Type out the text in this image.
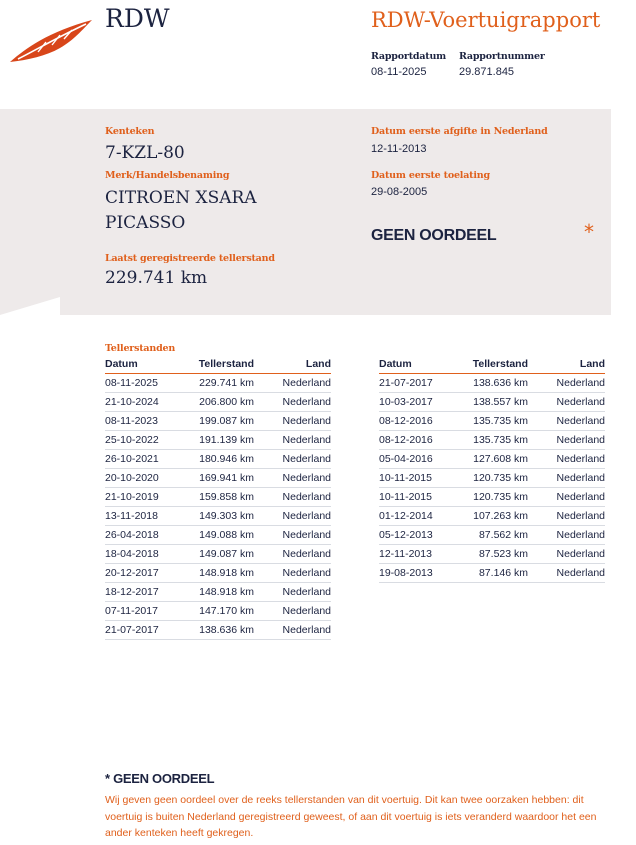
RDW	RDW-Voertuigrapport
Rapportdatum
08-11-2025
Rapportnummer
29.871.845
Kenteken
7-KZL-80
Merk/Handelsbenaming
CITROEN XSARA
PICASSO
Laatst geregistreerde tellerstand
229.741 km
Datum eerste afgifte in Nederland
12-11-2013
Datum eerste toelating
29-08-2005
GEEN OORDEEL	*
Tellerstanden
Datum	Tellerstand	Land
08-11-2025	229.741 km	Nederland
21-10-2024	206.800 km	Nederland
08-11-2023	199.087 km	Nederland
25-10-2022	191.139 km	Nederland
26-10-2021	180.946 km	Nederland
20-10-2020	169.941 km	Nederland
21-10-2019	159.858 km	Nederland
13-11-2018	149.303 km	Nederland
26-04-2018	149.088 km	Nederland
18-04-2018	149.087 km	Nederland
20-12-2017	148.918 km	Nederland
18-12-2017	148.918 km	Nederland
07-11-2017	147.170 km	Nederland
21-07-2017	138.636 km	Nederland
Datum	Tellerstand	Land
21-07-2017	138.636 km	Nederland
10-03-2017	138.557 km	Nederland
08-12-2016	135.735 km	Nederland
08-12-2016	135.735 km	Nederland
05-04-2016	127.608 km	Nederland
10-11-2015	120.735 km	Nederland
10-11-2015	120.735 km	Nederland
01-12-2014	107.263 km	Nederland
05-12-2013	87.562 km	Nederland
12-11-2013	87.523 km	Nederland
19-08-2013	87.146 km	Nederland
* GEEN OORDEEL
Wij geven geen oordeel over de reeks tellerstanden van dit voertuig. Dit kan twee oorzaken hebben: dit voertuig is buiten Nederland geregistreerd geweest, of aan dit voertuig is iets veranderd waardoor het een ander kenteken heeft gekregen.
